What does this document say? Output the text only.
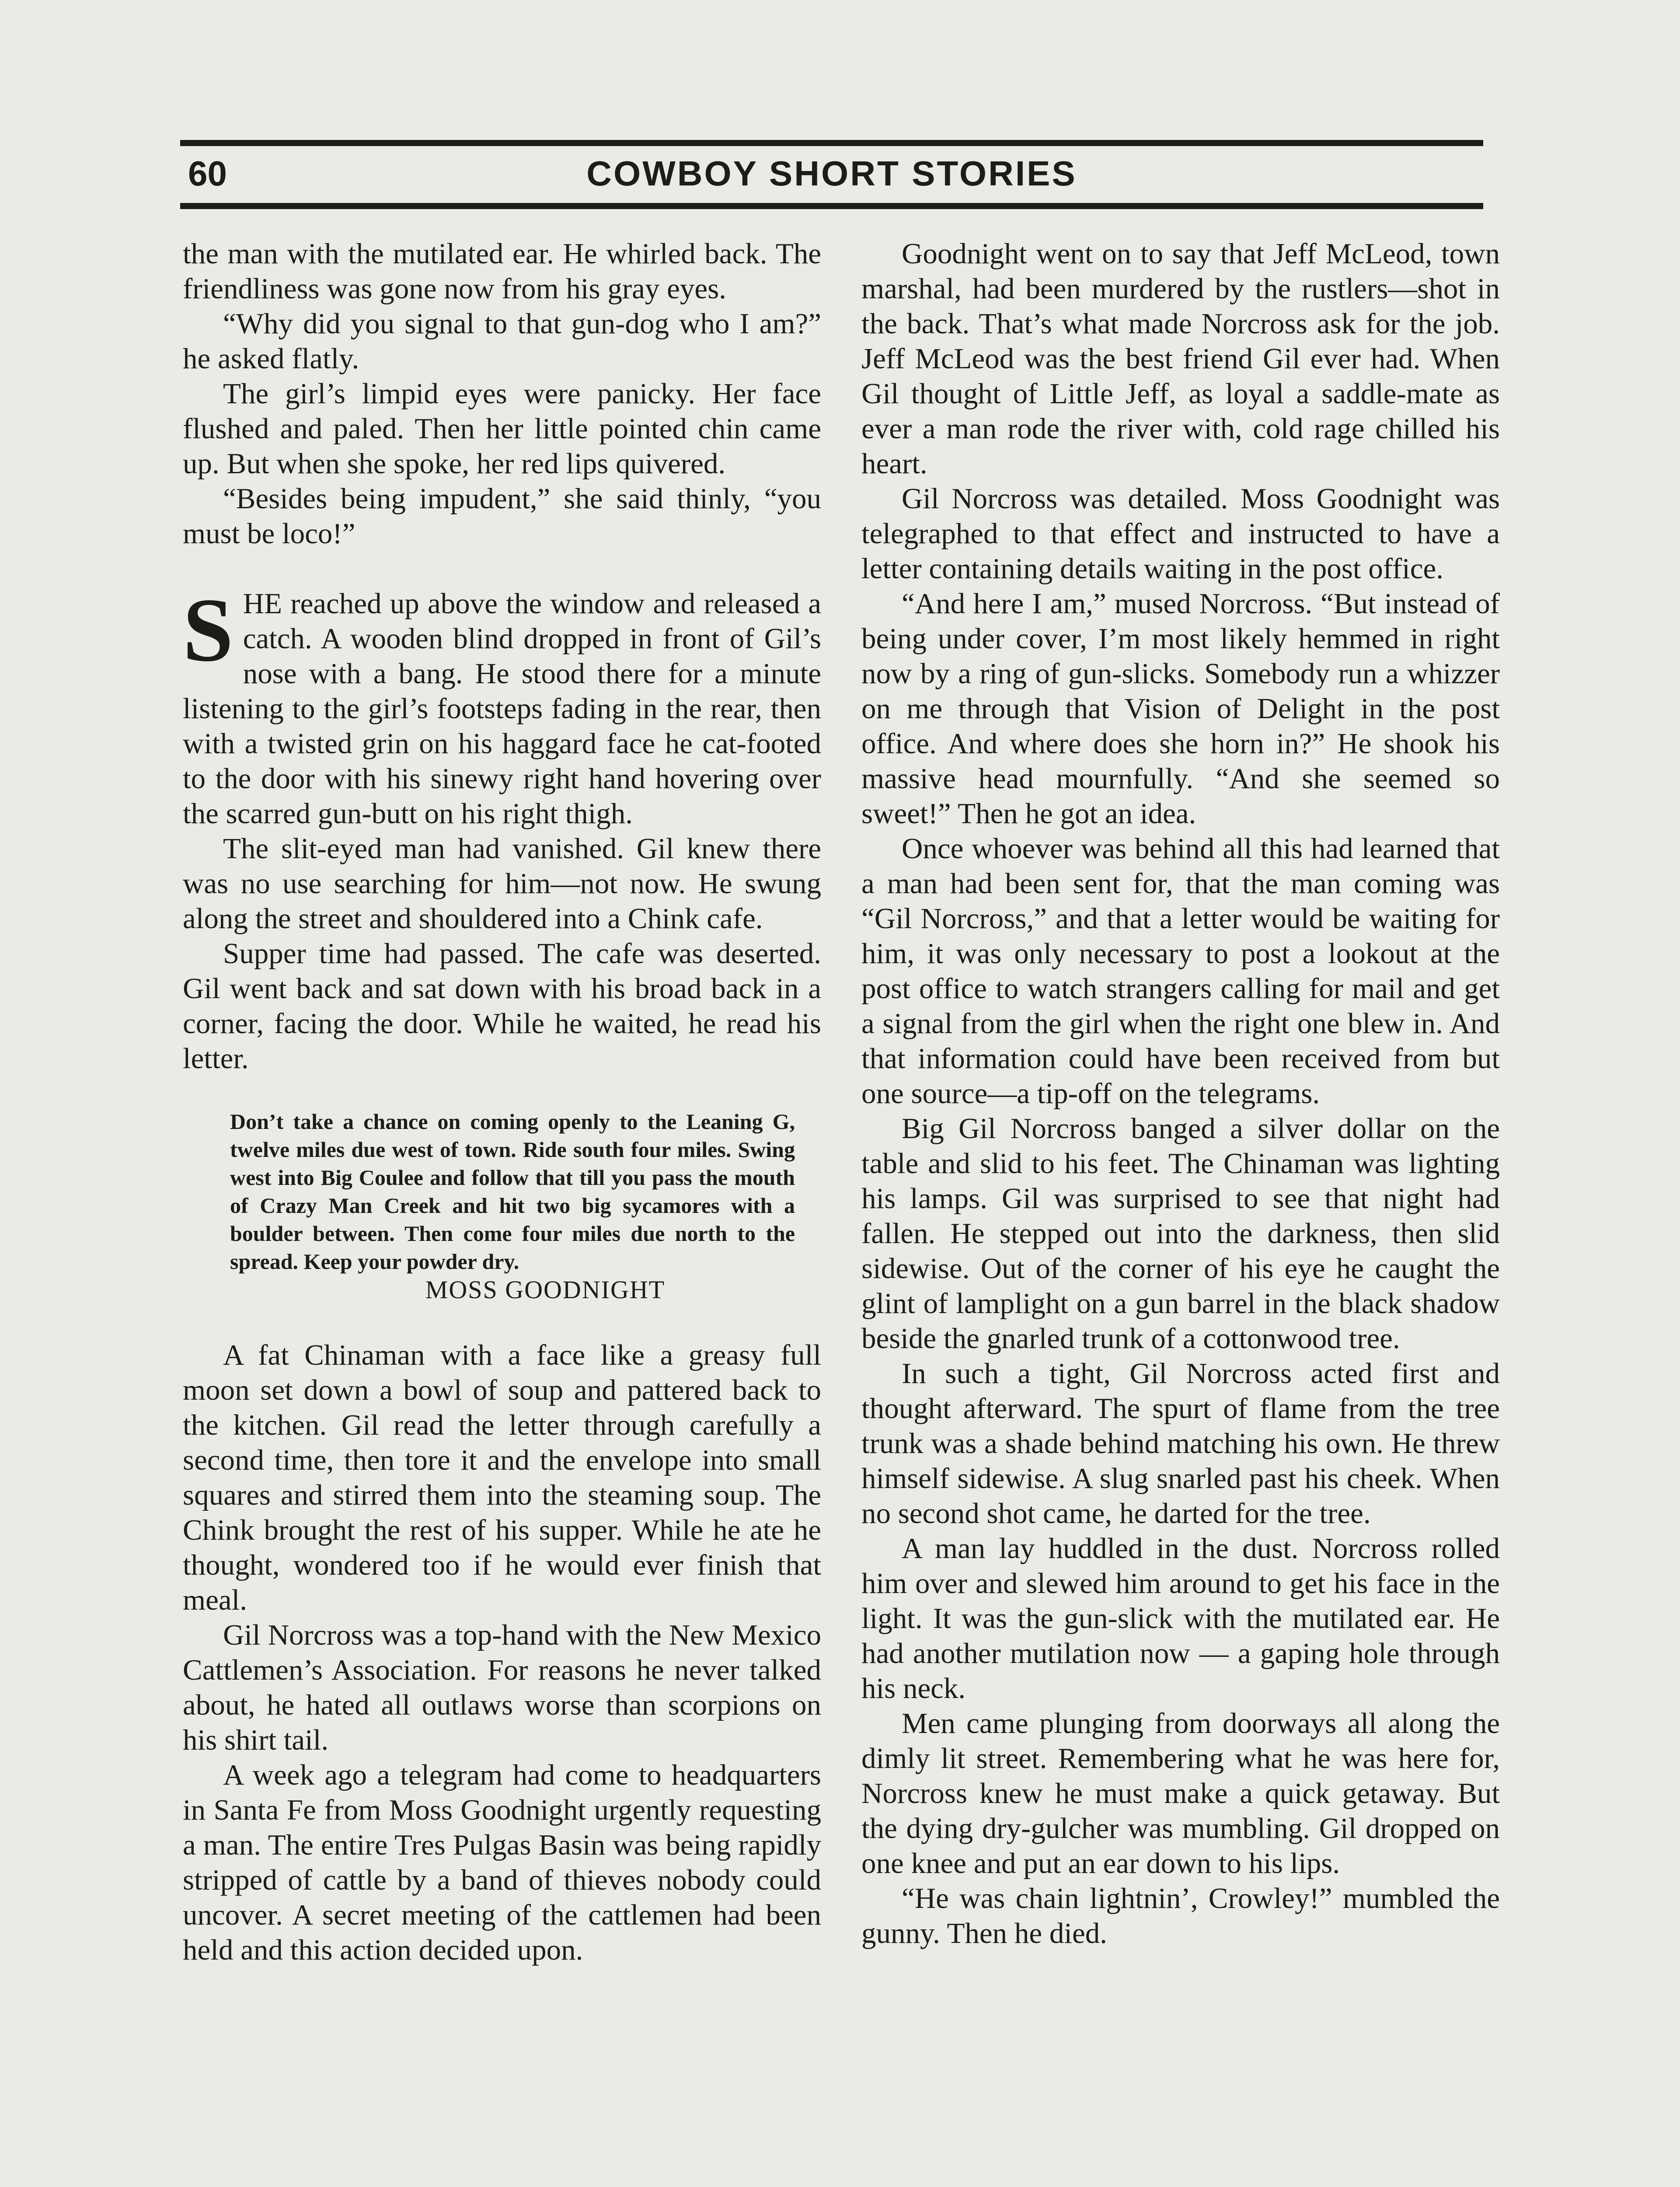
60	COWBOY SHORT STORIES

the man with the mutilated ear. He whirled back. The friendliness was gone now from his gray eyes.

“Why did you signal to that gun-dog who I am?” he asked flatly.

The girl’s limpid eyes were panicky. Her face flushed and paled. Then her little pointed chin came up. But when she spoke, her red lips quivered.

“Besides being impudent,” she said thinly, “you must be loco!”

SHE reached up above the window and released a catch. A wooden blind dropped in front of Gil’s nose with a bang. He stood there for a minute listening to the girl’s footsteps fading in the rear, then with a twisted grin on his haggard face he cat-footed to the door with his sinewy right hand hovering over the scarred gun-butt on his right thigh.

The slit-eyed man had vanished. Gil knew there was no use searching for him—not now. He swung along the street and shouldered into a Chink cafe.

Supper time had passed. The cafe was deserted. Gil went back and sat down with his broad back in a corner, facing the door. While he waited, he read his letter.

Don’t take a chance on coming openly to the Leaning G, twelve miles due west of town. Ride south four miles. Swing west into Big Coulee and follow that till you pass the mouth of Crazy Man Creek and hit two big sycamores with a boulder between. Then come four miles due north to the spread. Keep your powder dry.
MOSS GOODNIGHT

A fat Chinaman with a face like a greasy full moon set down a bowl of soup and pattered back to the kitchen. Gil read the letter through carefully a second time, then tore it and the envelope into small squares and stirred them into the steaming soup. The Chink brought the rest of his supper. While he ate he thought, wondered too if he would ever finish that meal.

Gil Norcross was a top-hand with the New Mexico Cattlemen’s Association. For reasons he never talked about, he hated all outlaws worse than scorpions on his shirt tail.

A week ago a telegram had come to headquarters in Santa Fe from Moss Goodnight urgently requesting a man. The entire Tres Pulgas Basin was being rapidly stripped of cattle by a band of thieves nobody could uncover. A secret meeting of the cattlemen had been held and this action decided upon.

Goodnight went on to say that Jeff McLeod, town marshal, had been murdered by the rustlers—shot in the back. That’s what made Norcross ask for the job. Jeff McLeod was the best friend Gil ever had. When Gil thought of Little Jeff, as loyal a saddle-mate as ever a man rode the river with, cold rage chilled his heart.

Gil Norcross was detailed. Moss Goodnight was telegraphed to that effect and instructed to have a letter containing details waiting in the post office.

“And here I am,” mused Norcross. “But instead of being under cover, I’m most likely hemmed in right now by a ring of gun-slicks. Somebody run a whizzer on me through that Vision of Delight in the post office. And where does she horn in?” He shook his massive head mournfully. “And she seemed so sweet!” Then he got an idea.

Once whoever was behind all this had learned that a man had been sent for, that the man coming was “Gil Norcross,” and that a letter would be waiting for him, it was only necessary to post a lookout at the post office to watch strangers calling for mail and get a signal from the girl when the right one blew in. And that information could have been received from but one source—a tip-off on the telegrams.

Big Gil Norcross banged a silver dollar on the table and slid to his feet. The Chinaman was lighting his lamps. Gil was surprised to see that night had fallen. He stepped out into the darkness, then slid sidewise. Out of the corner of his eye he caught the glint of lamplight on a gun barrel in the black shadow beside the gnarled trunk of a cottonwood tree.

In such a tight, Gil Norcross acted first and thought afterward. The spurt of flame from the tree trunk was a shade behind matching his own. He threw himself sidewise. A slug snarled past his cheek. When no second shot came, he darted for the tree.

A man lay huddled in the dust. Norcross rolled him over and slewed him around to get his face in the light. It was the gun-slick with the mutilated ear. He had another mutilation now — a gaping hole through his neck.

Men came plunging from doorways all along the dimly lit street. Remembering what he was here for, Norcross knew he must make a quick getaway. But the dying dry-gulcher was mumbling. Gil dropped on one knee and put an ear down to his lips.

“He was chain lightnin’, Crowley!” mumbled the gunny. Then he died.
